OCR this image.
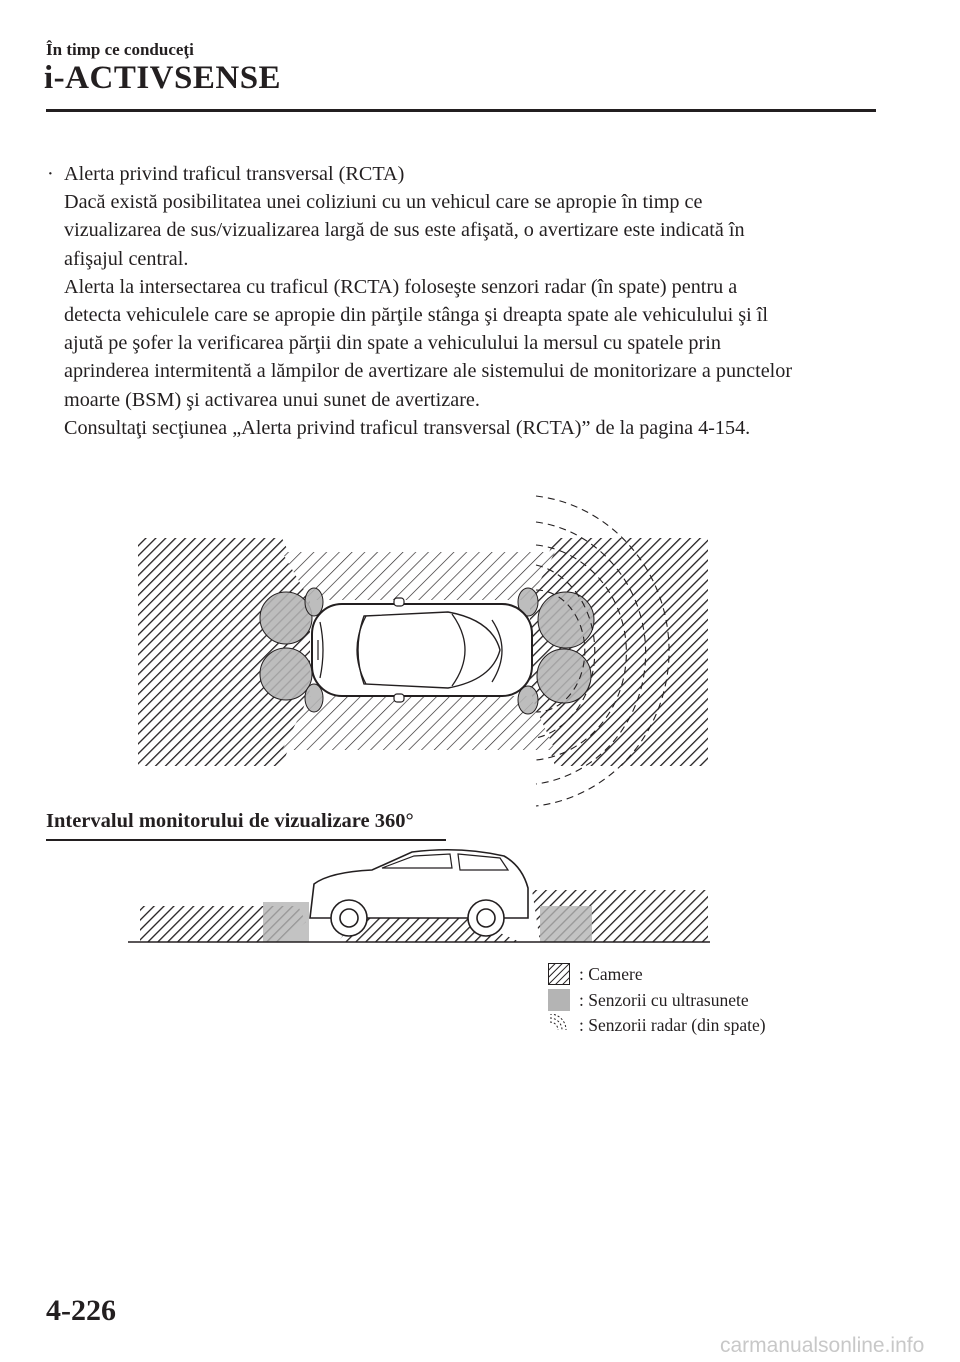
În timp ce conduceţi
i-ACTIVSENSE
· Alerta privind traficul transversal (RCTA)
Dacă există posibilitatea unei coliziuni cu un vehicul care se apropie în timp ce
vizualizarea de sus/vizualizarea largă de sus este afişată, o avertizare este indicată în
afişajul central.
Alerta la intersectarea cu traficul (RCTA) foloseşte senzori radar (în spate) pentru a
detecta vehiculele care se apropie din părţile stânga şi dreapta spate ale vehiculului şi îl
ajută pe şofer la verificarea părţii din spate a vehiculului la mersul cu spatele prin
aprinderea intermitentă a lămpilor de avertizare ale sistemului de monitorizare a punctelor
moarte (BSM) şi activarea unui sunet de avertizare.
Consultaţi secţiunea „Alerta privind traficul transversal (RCTA)” de la pagina 4-154.
Intervalul monitorului de vizualizare 360°
: Camere
: Senzorii cu ultrasunete
: Senzorii radar (din spate)
4-226
carmanualsonline.info
